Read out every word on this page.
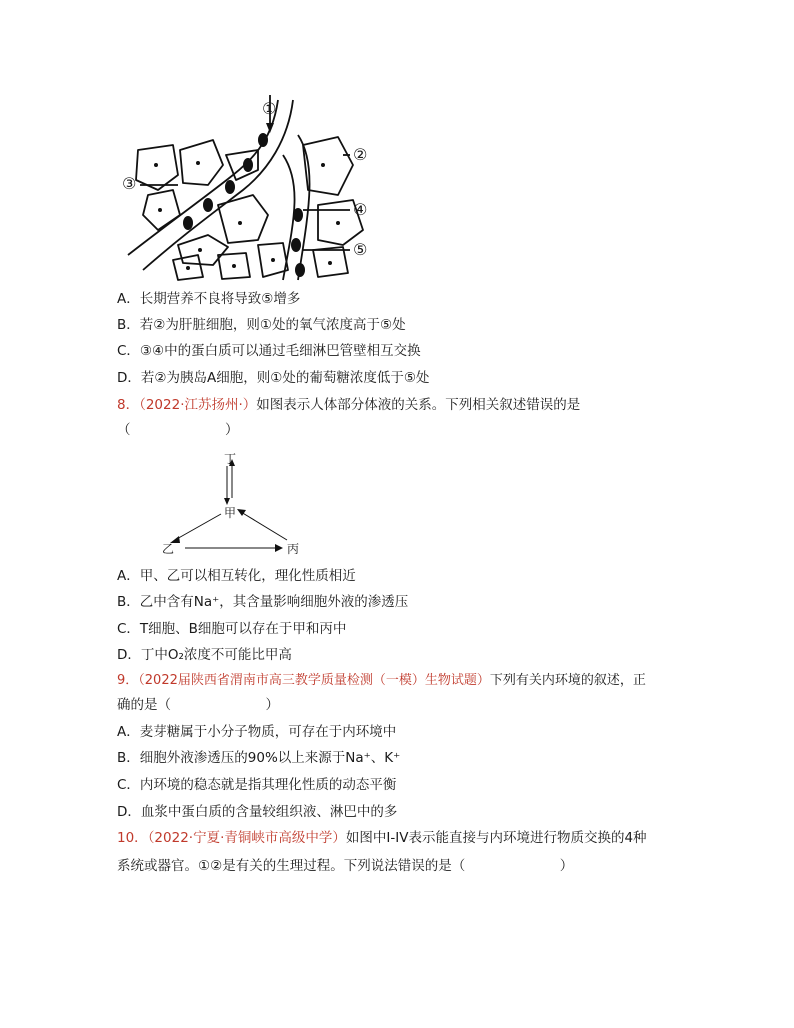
①
②
③
④
⑤
A．长期营养不良将导致⑤增多
B．若②为肝脏细胞，则①处的氧气浓度高于⑤处
C．③④中的蛋白质可以通过毛细淋巴管壁相互交换
D．若②为胰岛A细胞，则①处的葡萄糖浓度低于⑤处
8．（2022·江苏扬州·）如图表示人体部分体液的关系。下列相关叙述错误的是
（　　　　　　　）
丁
甲
乙	丙
A．甲、乙可以相互转化，理化性质相近
B．乙中含有Na⁺，其含量影响细胞外液的渗透压
C．T细胞、B细胞可以存在于甲和丙中
D．丁中O₂浓度不可能比甲高
9．（2022届陕西省渭南市高三教学质量检测（一模）生物试题）下列有关内环境的叙述，正
确的是（　　　　　　　）
A．麦芽糖属于小分子物质，可存在于内环境中
B．细胞外液渗透压的90%以上来源于Na⁺、K⁺
C．内环境的稳态就是指其理化性质的动态平衡
D．血浆中蛋白质的含量较组织液、淋巴中的多
10．（2022·宁夏·青铜峡市高级中学）如图中I-IV表示能直接与内环境进行物质交换的4种
系统或器官。①②是有关的生理过程。下列说法错误的是（　　　　　　　）
